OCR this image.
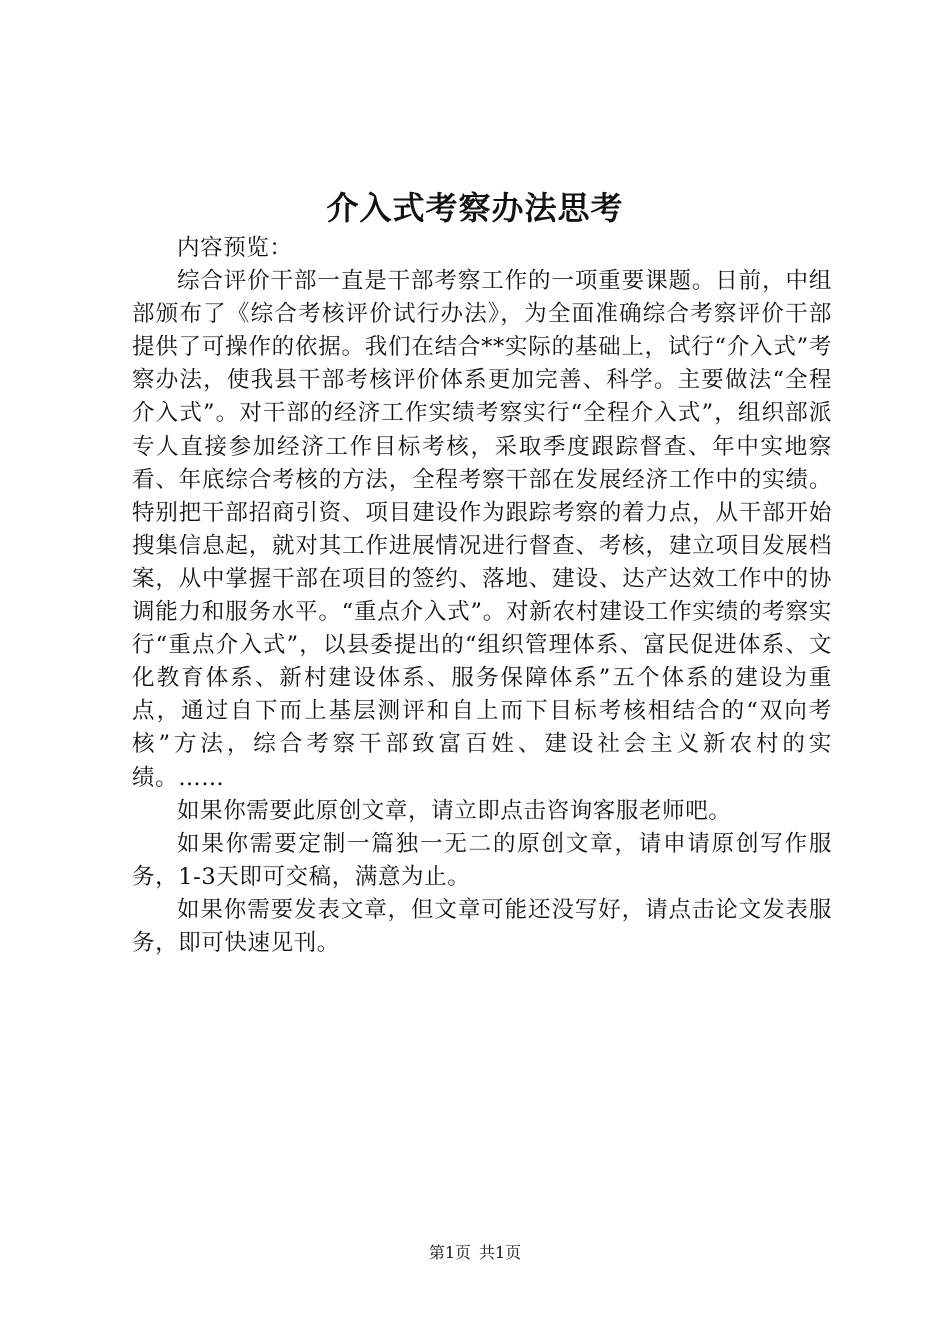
介入式考察办法思考

内容预览：

综合评价干部一直是干部考察工作的一项重要课题。日前，中组部颁布了《综合考核评价试行办法》，为全面准确综合考察评价干部提供了可操作的依据。我们在结合**实际的基础上，试行“介入式”考察办法，使我县干部考核评价体系更加完善、科学。主要做法“全程介入式”。对干部的经济工作实绩考察实行“全程介入式”，组织部派专人直接参加经济工作目标考核，采取季度跟踪督查、年中实地察看、年底综合考核的方法，全程考察干部在发展经济工作中的实绩。特别把干部招商引资、项目建设作为跟踪考察的着力点，从干部开始搜集信息起，就对其工作进展情况进行督查、考核，建立项目发展档案，从中掌握干部在项目的签约、落地、建设、达产达效工作中的协调能力和服务水平。“重点介入式”。对新农村建设工作实绩的考察实行“重点介入式”，以县委提出的“组织管理体系、富民促进体系、文化教育体系、新村建设体系、服务保障体系”五个体系的建设为重点，通过自下而上基层测评和自上而下目标考核相结合的“双向考核”方法，综合考察干部致富百姓、建设社会主义新农村的实绩。……

如果你需要此原创文章，请立即点击咨询客服老师吧。

如果你需要定制一篇独一无二的原创文章，请申请原创写作服务，1-3天即可交稿，满意为止。

如果你需要发表文章，但文章可能还没写好，请点击论文发表服务，即可快速见刊。

第1页 共1页
